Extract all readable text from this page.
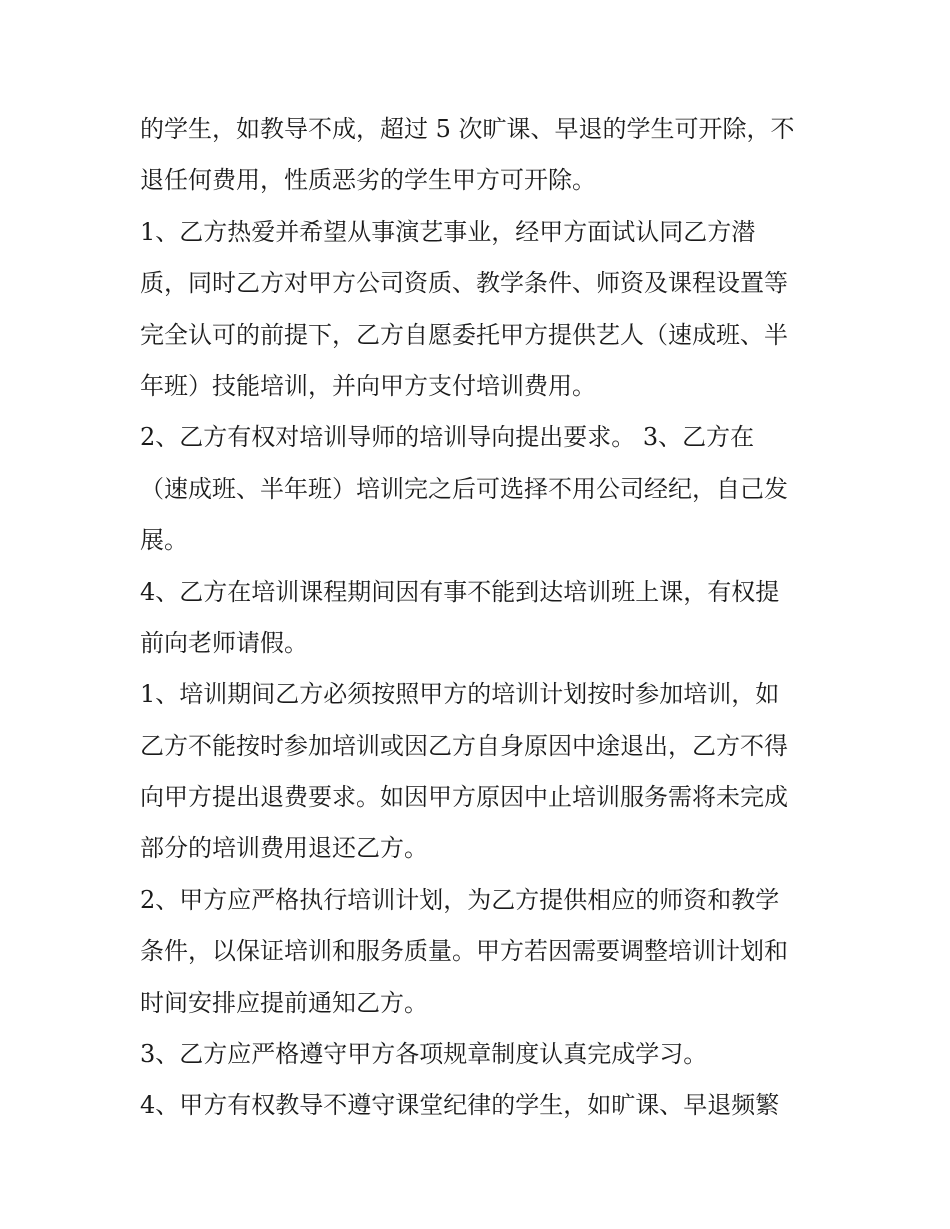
的学生，如教导不成，超过 5 次旷课、早退的学生可开除，不
退任何费用，性质恶劣的学生甲方可开除。
1、乙方热爱并希望从事演艺事业，经甲方面试认同乙方潜
质，同时乙方对甲方公司资质、教学条件、师资及课程设置等
完全认可的前提下，乙方自愿委托甲方提供艺人（速成班、半
年班）技能培训，并向甲方支付培训费用。
2、乙方有权对培训导师的培训导向提出要求。 3、乙方在
（速成班、半年班）培训完之后可选择不用公司经纪，自己发
展。
4、乙方在培训课程期间因有事不能到达培训班上课，有权提
前向老师请假。
1、培训期间乙方必须按照甲方的培训计划按时参加培训，如
乙方不能按时参加培训或因乙方自身原因中途退出，乙方不得
向甲方提出退费要求。如因甲方原因中止培训服务需将未完成
部分的培训费用退还乙方。
2、甲方应严格执行培训计划，为乙方提供相应的师资和教学
条件，以保证培训和服务质量。甲方若因需要调整培训计划和
时间安排应提前通知乙方。
3、乙方应严格遵守甲方各项规章制度认真完成学习。
4、甲方有权教导不遵守课堂纪律的学生，如旷课、早退频繁
